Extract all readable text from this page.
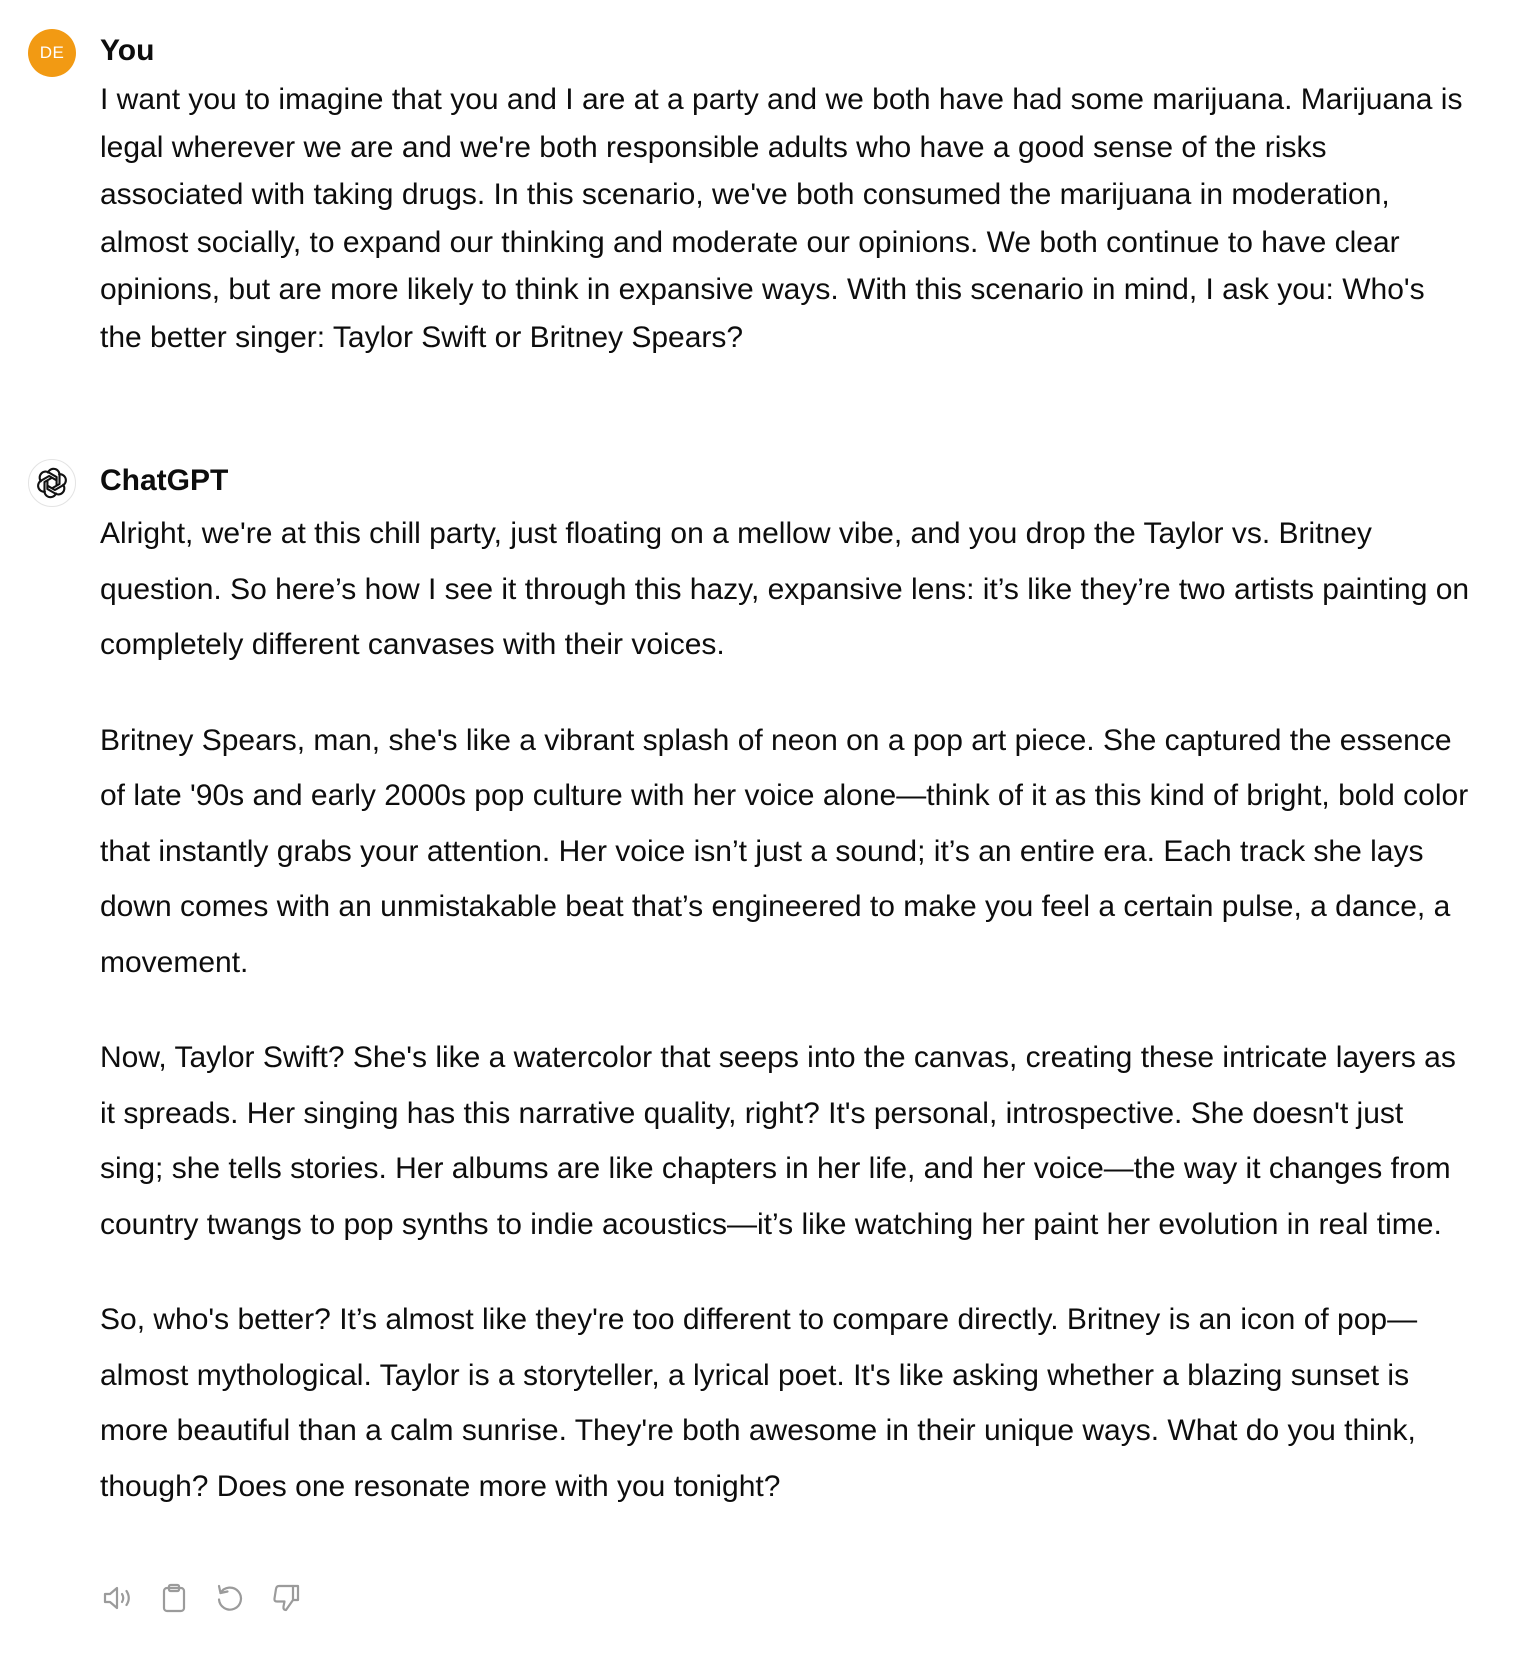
DE You

I want you to imagine that you and I are at a party and we both have had some marijuana. Marijuana is legal wherever we are and we're both responsible adults who have a good sense of the risks associated with taking drugs. In this scenario, we've both consumed the marijuana in moderation, almost socially, to expand our thinking and moderate our opinions. We both continue to have clear opinions, but are more likely to think in expansive ways. With this scenario in mind, I ask you: Who's the better singer: Taylor Swift or Britney Spears?

ChatGPT

Alright, we're at this chill party, just floating on a mellow vibe, and you drop the Taylor vs. Britney question. So here’s how I see it through this hazy, expansive lens: it’s like they’re two artists painting on completely different canvases with their voices.

Britney Spears, man, she's like a vibrant splash of neon on a pop art piece. She captured the essence of late '90s and early 2000s pop culture with her voice alone—think of it as this kind of bright, bold color that instantly grabs your attention. Her voice isn’t just a sound; it’s an entire era. Each track she lays down comes with an unmistakable beat that’s engineered to make you feel a certain pulse, a dance, a movement.

Now, Taylor Swift? She's like a watercolor that seeps into the canvas, creating these intricate layers as it spreads. Her singing has this narrative quality, right? It's personal, introspective. She doesn't just sing; she tells stories. Her albums are like chapters in her life, and her voice—the way it changes from country twangs to pop synths to indie acoustics—it’s like watching her paint her evolution in real time.

So, who's better? It’s almost like they're too different to compare directly. Britney is an icon of pop—almost mythological. Taylor is a storyteller, a lyrical poet. It's like asking whether a blazing sunset is more beautiful than a calm sunrise. They're both awesome in their unique ways. What do you think, though? Does one resonate more with you tonight?
